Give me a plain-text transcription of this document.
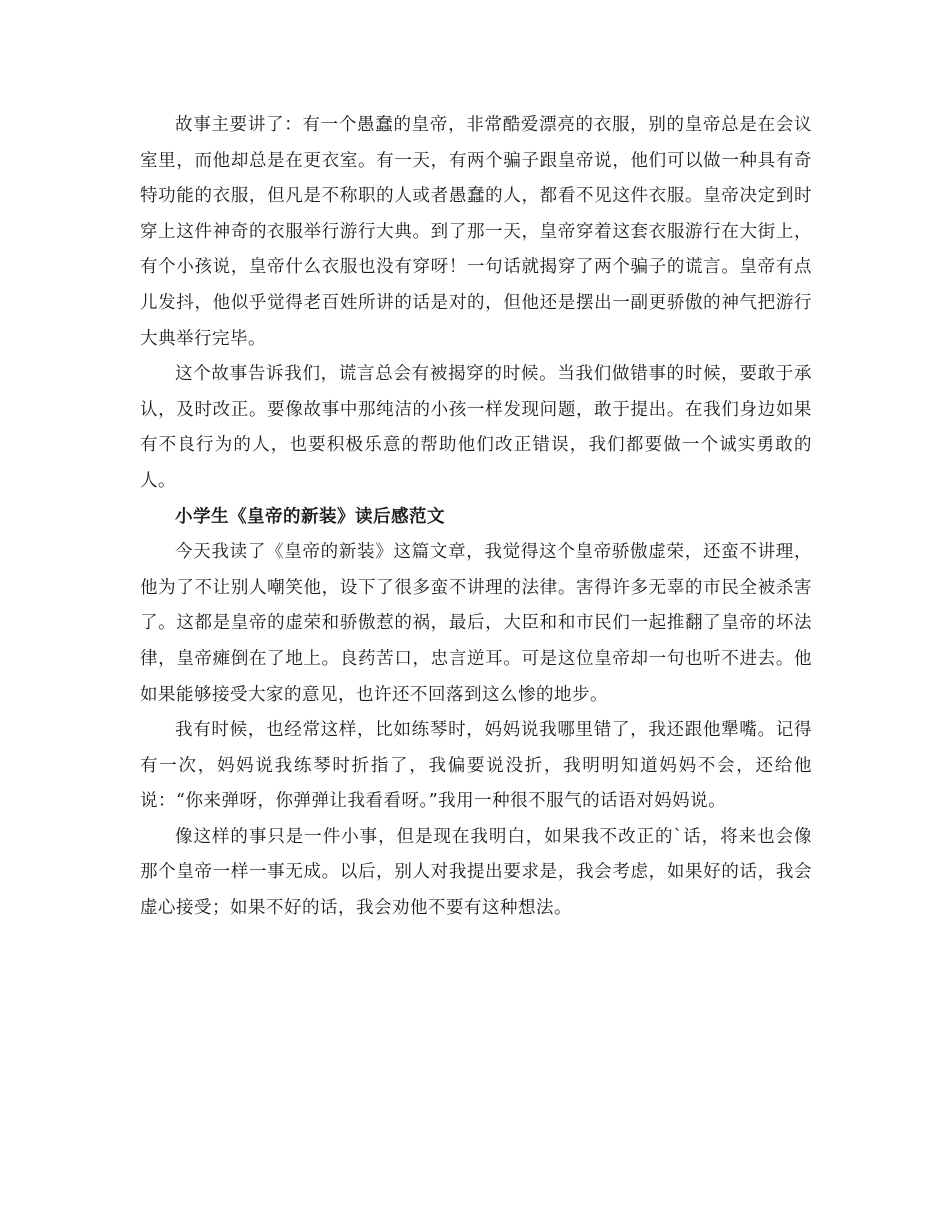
故事主要讲了：有一个愚蠢的皇帝，非常酷爱漂亮的衣服，别的皇帝总是在会议室里，而他却总是在更衣室。有一天，有两个骗子跟皇帝说，他们可以做一种具有奇特功能的衣服，但凡是不称职的人或者愚蠢的人，都看不见这件衣服。皇帝决定到时穿上这件神奇的衣服举行游行大典。到了那一天，皇帝穿着这套衣服游行在大街上，有个小孩说，皇帝什么衣服也没有穿呀！一句话就揭穿了两个骗子的谎言。皇帝有点儿发抖，他似乎觉得老百姓所讲的话是对的，但他还是摆出一副更骄傲的神气把游行大典举行完毕。

这个故事告诉我们，谎言总会有被揭穿的时候。当我们做错事的时候，要敢于承认，及时改正。要像故事中那纯洁的小孩一样发现问题，敢于提出。在我们身边如果有不良行为的人，也要积极乐意的帮助他们改正错误，我们都要做一个诚实勇敢的人。

小学生《皇帝的新装》读后感范文

今天我读了《皇帝的新装》这篇文章，我觉得这个皇帝骄傲虚荣，还蛮不讲理，他为了不让别人嘲笑他，设下了很多蛮不讲理的法律。害得许多无辜的市民全被杀害了。这都是皇帝的虚荣和骄傲惹的祸，最后，大臣和和市民们一起推翻了皇帝的坏法律，皇帝瘫倒在了地上。良药苦口，忠言逆耳。可是这位皇帝却一句也听不进去。他如果能够接受大家的意见，也许还不回落到这么惨的地步。

我有时候，也经常这样，比如练琴时，妈妈说我哪里错了，我还跟他犟嘴。记得有一次，妈妈说我练琴时折指了，我偏要说没折，我明明知道妈妈不会，还给他说：“你来弹呀，你弹弹让我看看呀。”我用一种很不服气的话语对妈妈说。

像这样的事只是一件小事，但是现在我明白，如果我不改正的`话，将来也会像那个皇帝一样一事无成。以后，别人对我提出要求是，我会考虑，如果好的话，我会虚心接受；如果不好的话，我会劝他不要有这种想法。
